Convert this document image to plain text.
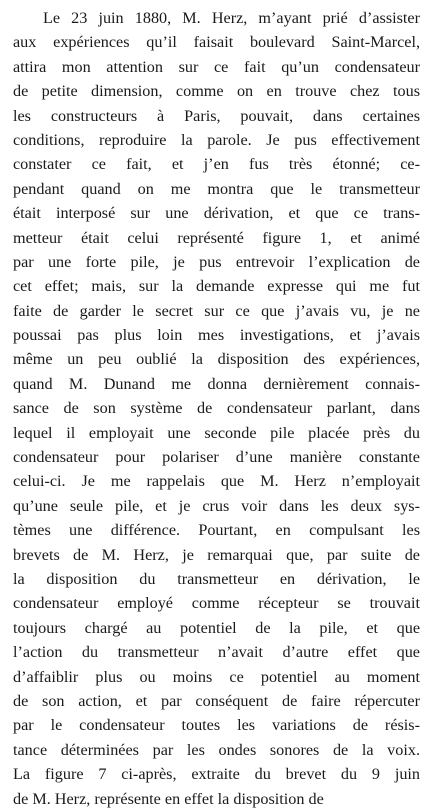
Le 23 juin 1880, M. Herz, m’ayant prié d’assister
aux expériences qu’il faisait boulevard Saint-Marcel,
attira mon attention sur ce fait qu’un condensateur
de petite dimension, comme on en trouve chez tous
les constructeurs à Paris, pouvait, dans certaines
conditions, reproduire la parole. Je pus effectivement
constater ce fait, et j’en fus très étonné; ce-
pendant quand on me montra que le transmetteur
était interposé sur une dérivation, et que ce trans-
metteur était celui représenté figure 1, et animé
par une forte pile, je pus entrevoir l’explication de
cet effet; mais, sur la demande expresse qui me fut
faite de garder le secret sur ce que j’avais vu, je ne
poussai pas plus loin mes investigations, et j’avais
même un peu oublié la disposition des expériences,
quand M. Dunand me donna dernièrement connais-
sance de son système de condensateur parlant, dans
lequel il employait une seconde pile placée près du
condensateur pour polariser d’une manière constante
celui-ci. Je me rappelais que M. Herz n’employait
qu’une seule pile, et je crus voir dans les deux sys-
tèmes une différence. Pourtant, en compulsant les
brevets de M. Herz, je remarquai que, par suite de
la disposition du transmetteur en dérivation, le
condensateur employé comme récepteur se trouvait
toujours chargé au potentiel de la pile, et que
l’action du transmetteur n’avait d’autre effet que
d’affaiblir plus ou moins ce potentiel au moment
de son action, et par conséquent de faire répercuter
par le condensateur toutes les variations de résis-
tance déterminées par les ondes sonores de la voix.
La figure 7 ci-après, extraite du brevet du 9 juin
de M. Herz, représente en effet la disposition de
